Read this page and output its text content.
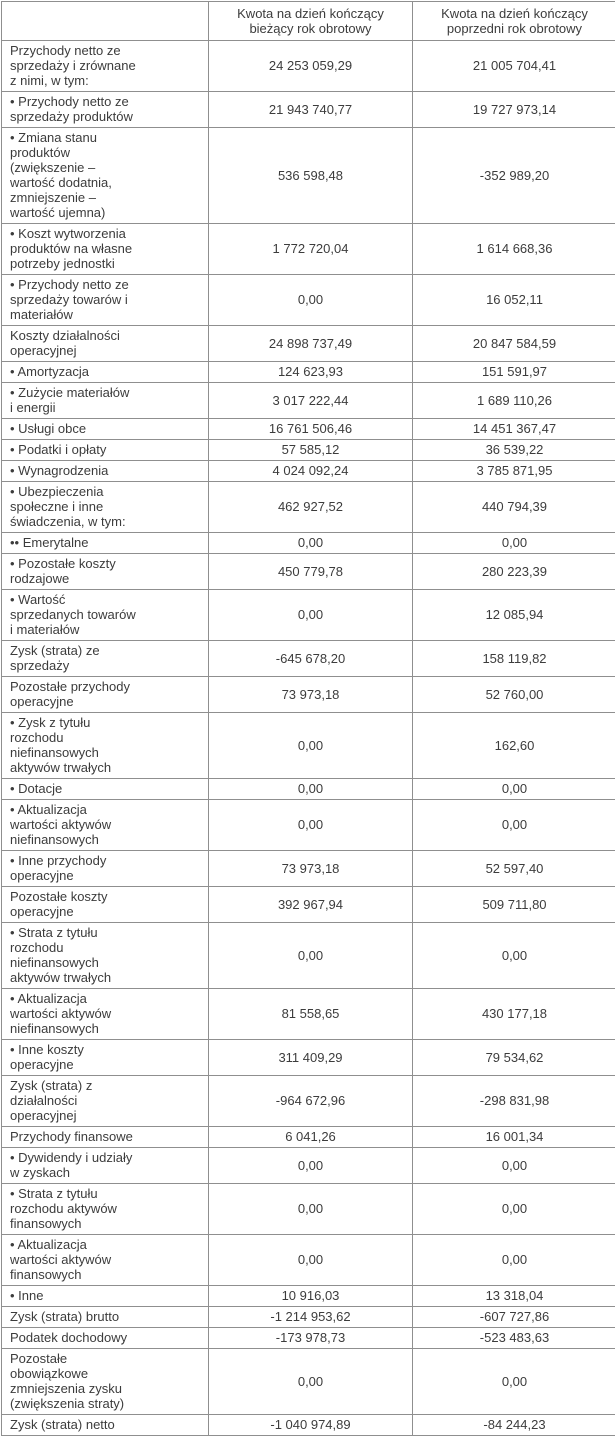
	Kwota na dzień kończący
bieżący rok obrotowy	Kwota na dzień kończący
poprzedni rok obrotowy
Przychody netto ze
sprzedaży i zrównane
z nimi, w tym:	24 253 059,29	21 005 704,41
• Przychody netto ze
sprzedaży produktów	21 943 740,77	19 727 973,14
• Zmiana stanu
produktów
(zwiększenie –
wartość dodatnia,
zmniejszenie –
wartość ujemna)	536 598,48	-352 989,20
• Koszt wytworzenia
produktów na własne
potrzeby jednostki	1 772 720,04	1 614 668,36
• Przychody netto ze
sprzedaży towarów i
materiałów	0,00	16 052,11
Koszty działalności
operacyjnej	24 898 737,49	20 847 584,59
• Amortyzacja	124 623,93	151 591,97
• Zużycie materiałów
i energii	3 017 222,44	1 689 110,26
• Usługi obce	16 761 506,46	14 451 367,47
• Podatki i opłaty	57 585,12	36 539,22
• Wynagrodzenia	4 024 092,24	3 785 871,95
• Ubezpieczenia
społeczne i inne
świadczenia, w tym:	462 927,52	440 794,39
•• Emerytalne	0,00	0,00
• Pozostałe koszty
rodzajowe	450 779,78	280 223,39
• Wartość
sprzedanych towarów
i materiałów	0,00	12 085,94
Zysk (strata) ze
sprzedaży	-645 678,20	158 119,82
Pozostałe przychody
operacyjne	73 973,18	52 760,00
• Zysk z tytułu
rozchodu
niefinansowych
aktywów trwałych	0,00	162,60
• Dotacje	0,00	0,00
• Aktualizacja
wartości aktywów
niefinansowych	0,00	0,00
• Inne przychody
operacyjne	73 973,18	52 597,40
Pozostałe koszty
operacyjne	392 967,94	509 711,80
• Strata z tytułu
rozchodu
niefinansowych
aktywów trwałych	0,00	0,00
• Aktualizacja
wartości aktywów
niefinansowych	81 558,65	430 177,18
• Inne koszty
operacyjne	311 409,29	79 534,62
Zysk (strata) z
działalności
operacyjnej	-964 672,96	-298 831,98
Przychody finansowe	6 041,26	16 001,34
• Dywidendy i udziały
w zyskach	0,00	0,00
• Strata z tytułu
rozchodu aktywów
finansowych	0,00	0,00
• Aktualizacja
wartości aktywów
finansowych	0,00	0,00
• Inne	10 916,03	13 318,04
Zysk (strata) brutto	-1 214 953,62	-607 727,86
Podatek dochodowy	-173 978,73	-523 483,63
Pozostałe
obowiązkowe
zmniejszenia zysku
(zwiększenia straty)	0,00	0,00
Zysk (strata) netto	-1 040 974,89	-84 244,23
